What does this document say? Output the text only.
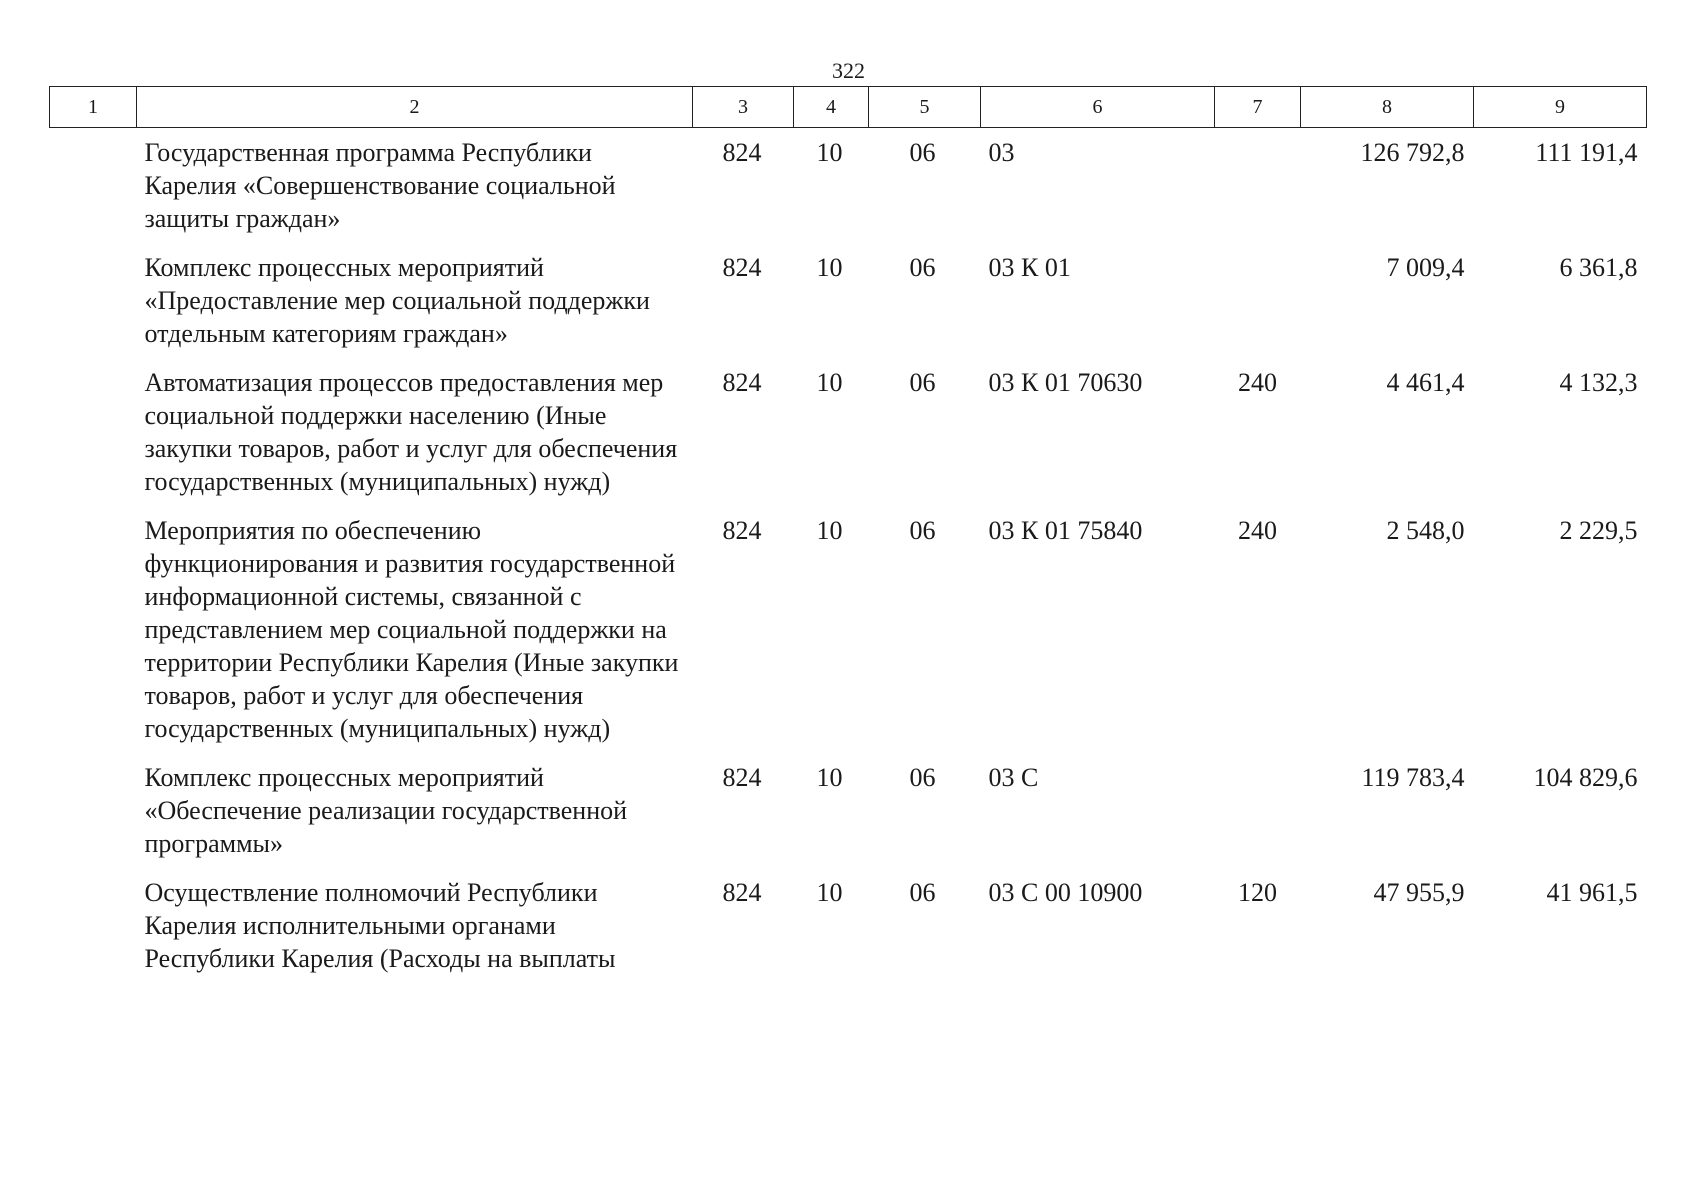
322
1	2	3	4	5	6	7	8	9
	Государственная программа Республики Карелия «Совершенствование социальной защиты граждан»	824	10	06	03		126 792,8	111 191,4
	Комплекс процессных мероприятий «Предоставление мер социальной поддержки отдельным категориям граждан»	824	10	06	03 К 01		7 009,4	6 361,8
	Автоматизация процессов предоставления мер социальной поддержки населению (Иные закупки товаров, работ и услуг для обеспечения государственных (муниципальных) нужд)	824	10	06	03 К 01 70630	240	4 461,4	4 132,3
	Мероприятия по обеспечению функционирования и развития государственной информационной системы, связанной с представлением мер социальной поддержки на территории Республики Карелия (Иные закупки товаров, работ и услуг для обеспечения государственных (муниципальных) нужд)	824	10	06	03 К 01 75840	240	2 548,0	2 229,5
	Комплекс процессных мероприятий «Обеспечение реализации государственной программы»	824	10	06	03 С		119 783,4	104 829,6
	Осуществление полномочий Республики Карелия исполнительными органами Республики Карелия (Расходы на выплаты	824	10	06	03 С 00 10900	120	47 955,9	41 961,5
